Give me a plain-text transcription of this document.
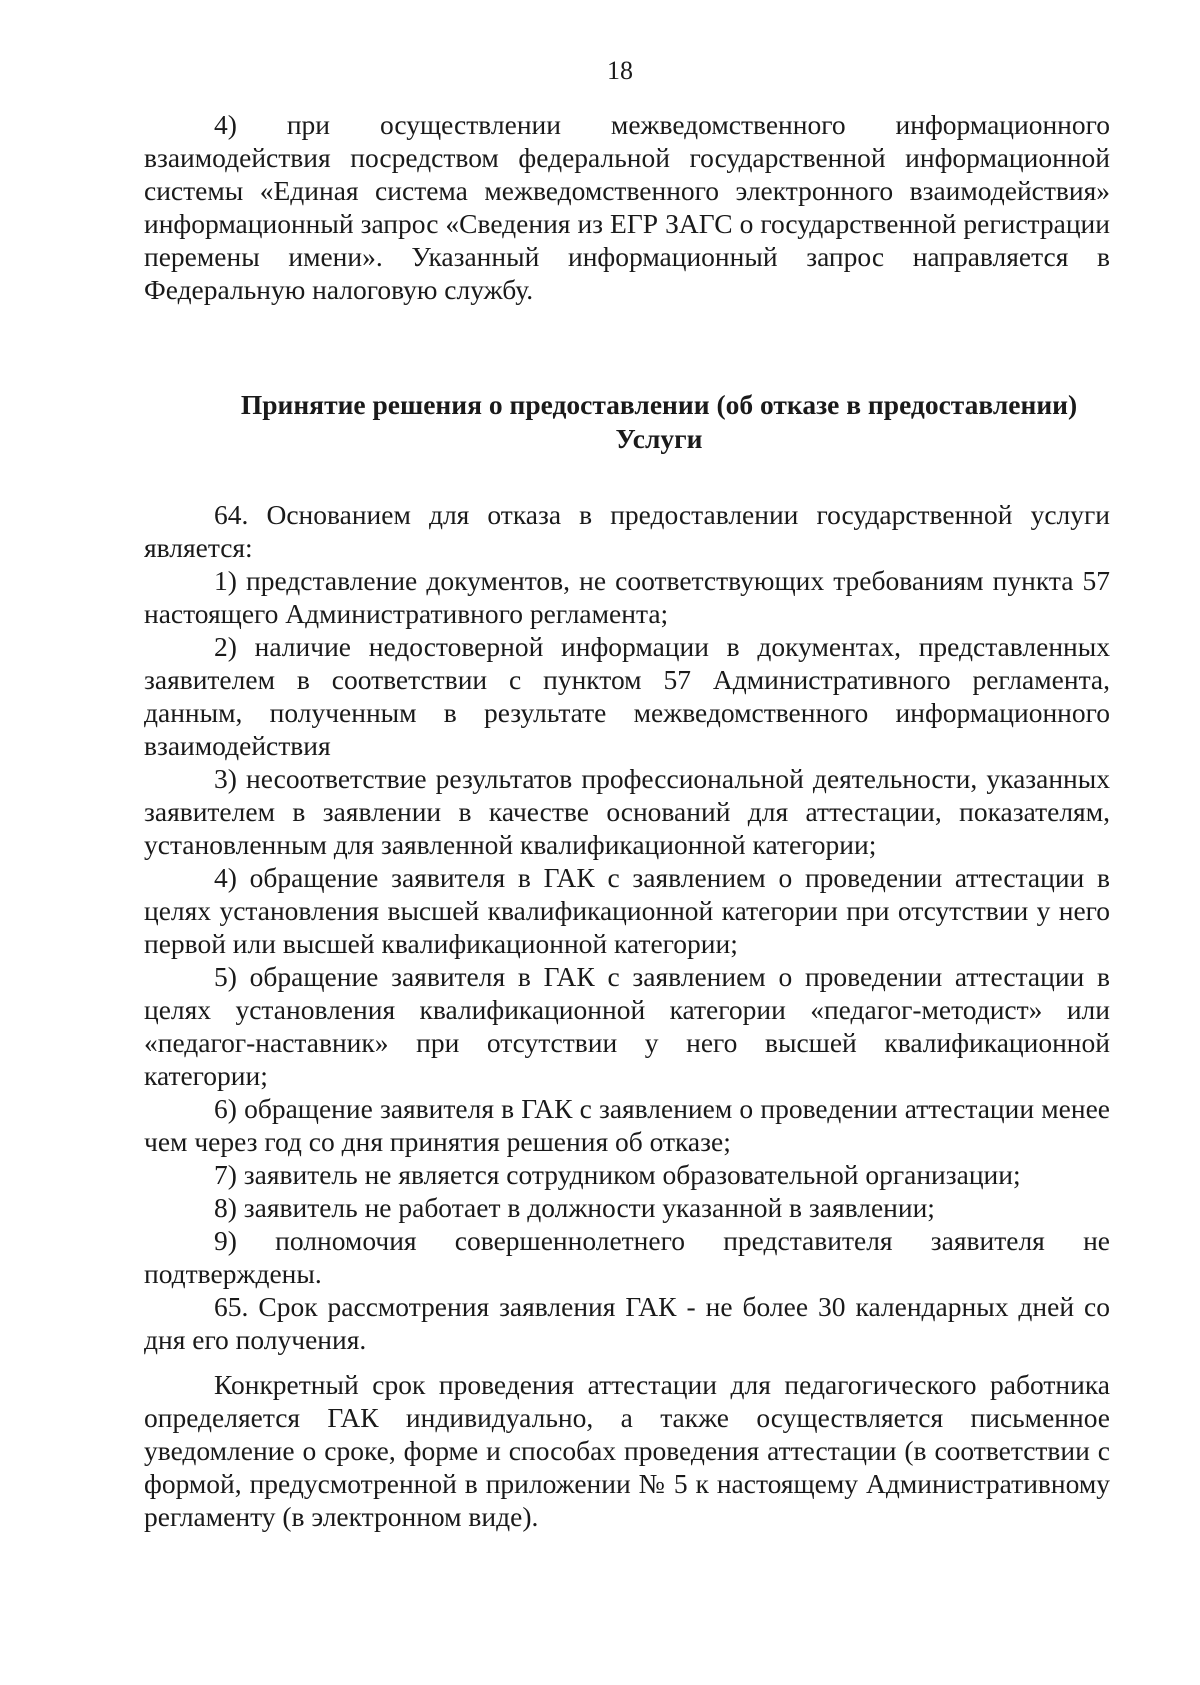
18

4) при осуществлении межведомственного информационного взаимодействия посредством федеральной государственной информационной системы «Единая система межведомственного электронного взаимодействия» информационный запрос «Сведения из ЕГР ЗАГС о государственной регистрации перемены имени». Указанный информационный запрос направляется в Федеральную налоговую службу.

Принятие решения о предоставлении (об отказе в предоставлении)
Услуги

64. Основанием для отказа в предоставлении государственной услуги является:

1) представление документов, не соответствующих требованиям пункта 57 настоящего Административного регламента;

2) наличие недостоверной информации в документах, представленных заявителем в соответствии с пунктом 57 Административного регламента, данным, полученным в результате межведомственного информационного взаимодействия

3) несоответствие результатов профессиональной деятельности, указанных заявителем в заявлении в качестве оснований для аттестации, показателям, установленным для заявленной квалификационной категории;

4) обращение заявителя в ГАК с заявлением о проведении аттестации в целях установления высшей квалификационной категории при отсутствии у него первой или высшей квалификационной категории;

5) обращение заявителя в ГАК с заявлением о проведении аттестации в целях установления квалификационной категории «педагог-методист» или «педагог-наставник» при отсутствии у него высшей квалификационной категории;

6) обращение заявителя в ГАК с заявлением о проведении аттестации менее чем через год со дня принятия решения об отказе;

7) заявитель не является сотрудником образовательной организации;

8) заявитель не работает в должности указанной в заявлении;

9) полномочия совершеннолетнего представителя заявителя не подтверждены.

65. Срок рассмотрения заявления ГАК - не более 30 календарных дней со дня его получения.

Конкретный срок проведения аттестации для педагогического работника определяется ГАК индивидуально, а также осуществляется письменное уведомление о сроке, форме и способах проведения аттестации (в соответствии с формой, предусмотренной в приложении № 5 к настоящему Административному регламенту (в электронном виде).
